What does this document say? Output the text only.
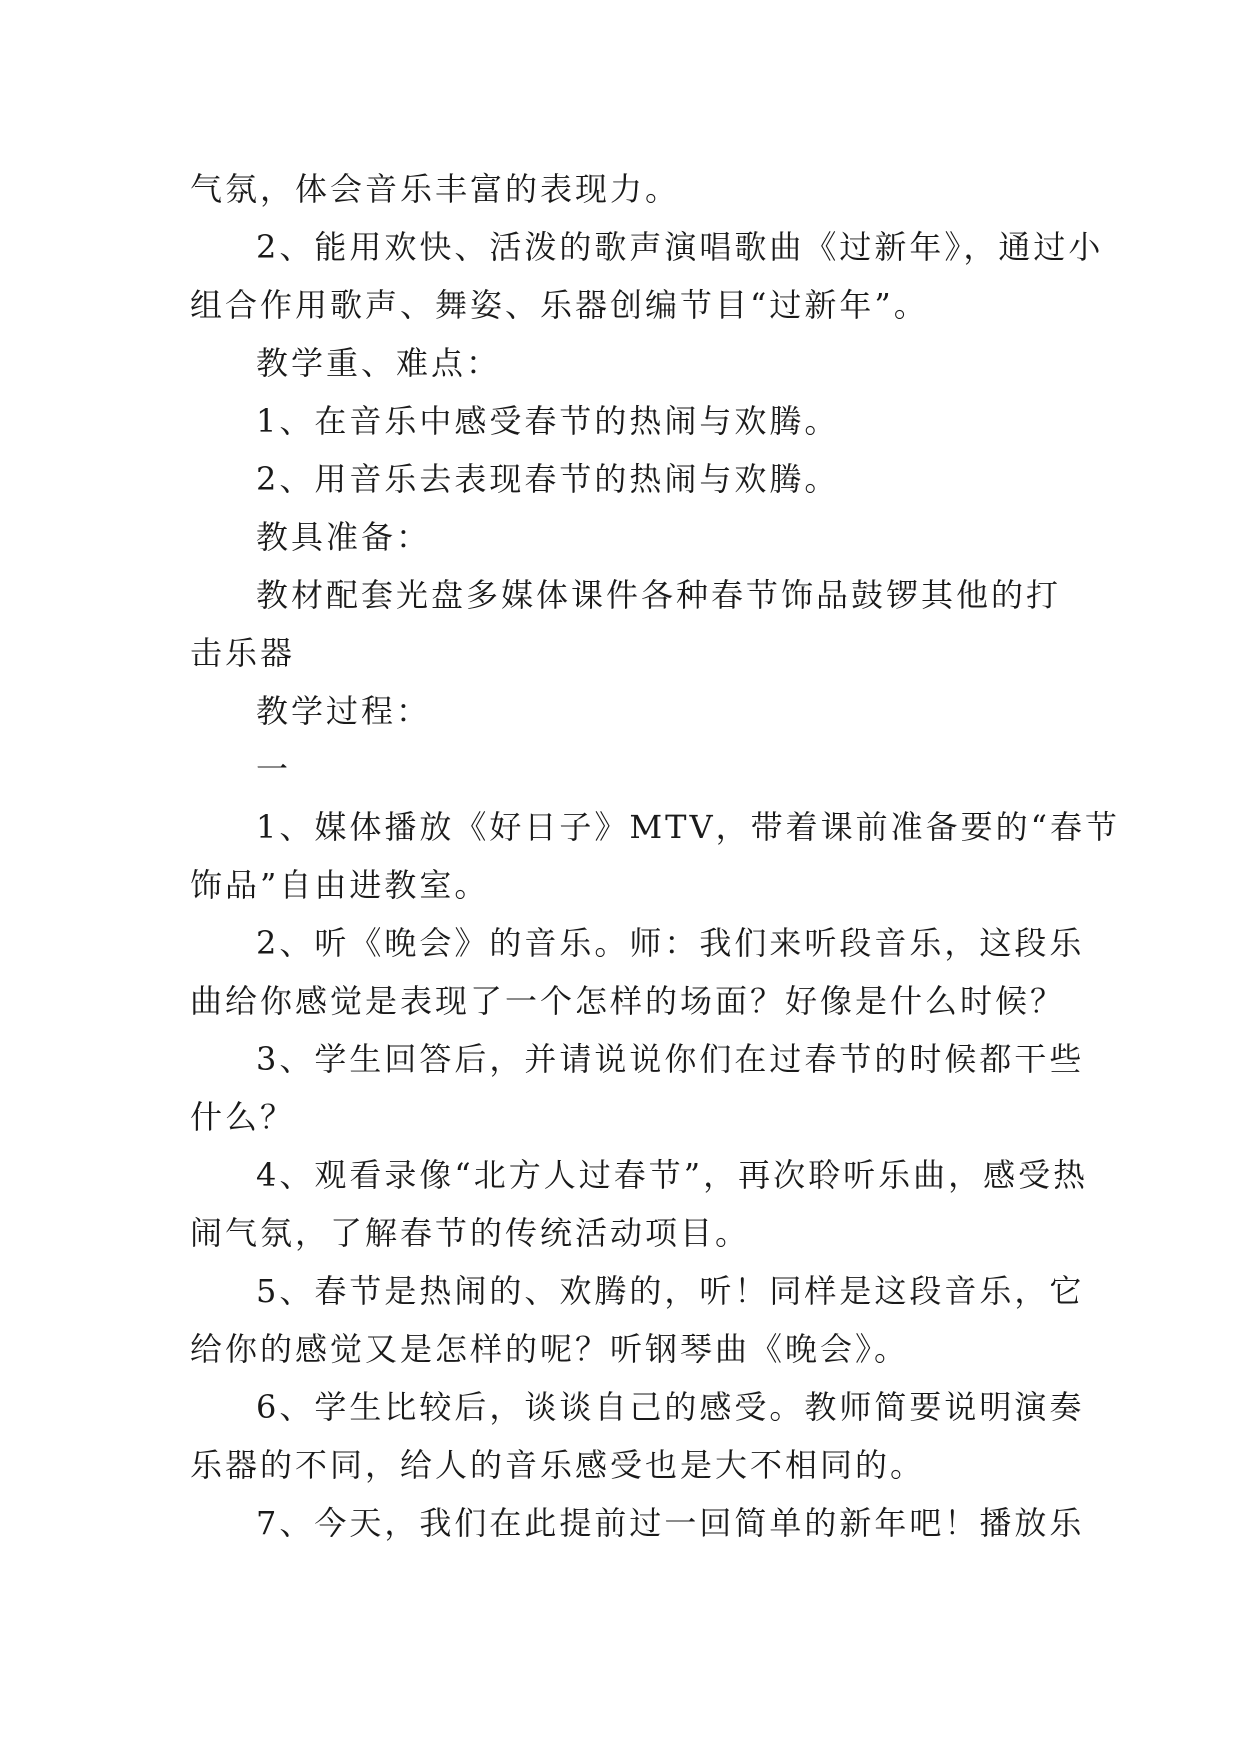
气氛，体会音乐丰富的表现力。
2、能用欢快、活泼的歌声演唱歌曲《过新年》，通过小
组合作用歌声、舞姿、乐器创编节目“过新年”。
教学重、难点：
1、在音乐中感受春节的热闹与欢腾。
2、用音乐去表现春节的热闹与欢腾。
教具准备：
教材配套光盘多媒体课件各种春节饰品鼓锣其他的打
击乐器
教学过程：
一
1、媒体播放《好日子》MTV，带着课前准备要的“春节
饰品”自由进教室。
2、听《晚会》的音乐。师：我们来听段音乐，这段乐
曲给你感觉是表现了一个怎样的场面？好像是什么时候？
3、学生回答后，并请说说你们在过春节的时候都干些
什么？
4、观看录像“北方人过春节”，再次聆听乐曲，感受热
闹气氛，了解春节的传统活动项目。
5、春节是热闹的、欢腾的，听！同样是这段音乐，它
给你的感觉又是怎样的呢？听钢琴曲《晚会》。
6、学生比较后，谈谈自己的感受。教师简要说明演奏
乐器的不同，给人的音乐感受也是大不相同的。
7、今天，我们在此提前过一回简单的新年吧！播放乐
